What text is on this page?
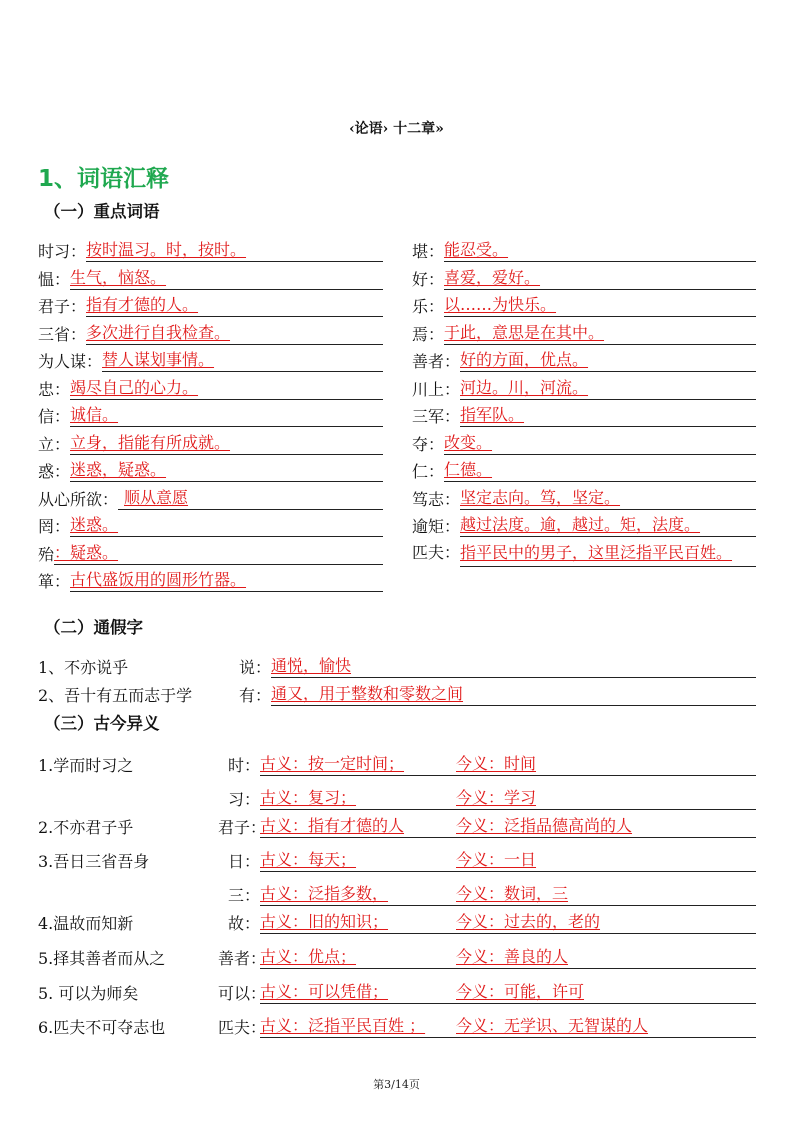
‹论语› 十二章»
1、词语汇释
（一）重点词语
时习： 按时温习。时，按时。
愠： 生气，恼怒。
君子： 指有才德的人。
三省： 多次进行自我检查。
为人谋： 替人谋划事情。
忠： 竭尽自己的心力。
信： 诚信。
立： 立身，指能有所成就。
惑： 迷惑，疑惑。
从心所欲： 顺从意愿
罔： 迷惑。
殆 ：疑惑。
箪： 古代盛饭用的圆形竹器。
堪： 能忍受。
好： 喜爱，爱好。
乐： 以……为快乐。
焉： 于此，意思是在其中。
善者： 好的方面，优点。
川上： 河边。川，河流。
三军： 指军队。
夺： 改变。
仁： 仁德。
笃志： 坚定志向。笃，坚定。
逾矩： 越过法度。逾，越过。矩，法度。
匹夫： 指平民中的男子，这里泛指平民百姓。
（二）通假字
1、不亦说乎	说： 通悦，愉快
2、吾十有五而志于学	有： 通又，用于整数和零数之间
（三）古今异义
1.学而时习之	时： 古义：按一定时间；	今义：时间
习： 古义：复习；	今义：学习
2.不亦君子乎	君子：
古义：指有才德的人	今义：泛指品德高尚的人
3.吾日三省吾身	日： 古义：每天；	今义：一日
三： 古义：泛指多数，	今义：数词，三
4.温故而知新	故： 古义：旧的知识；	今义：过去的，老的
5.择其善者而从之	善者：
古义：优点；	今义：善良的人
5. 可以为师矣	可以：
古义：可以凭借；	今义：可能，许可
6.匹夫不可夺志也	匹夫：
古义：泛指平民百姓 ；	今义：无学识、无智谋的人
第3/14页
